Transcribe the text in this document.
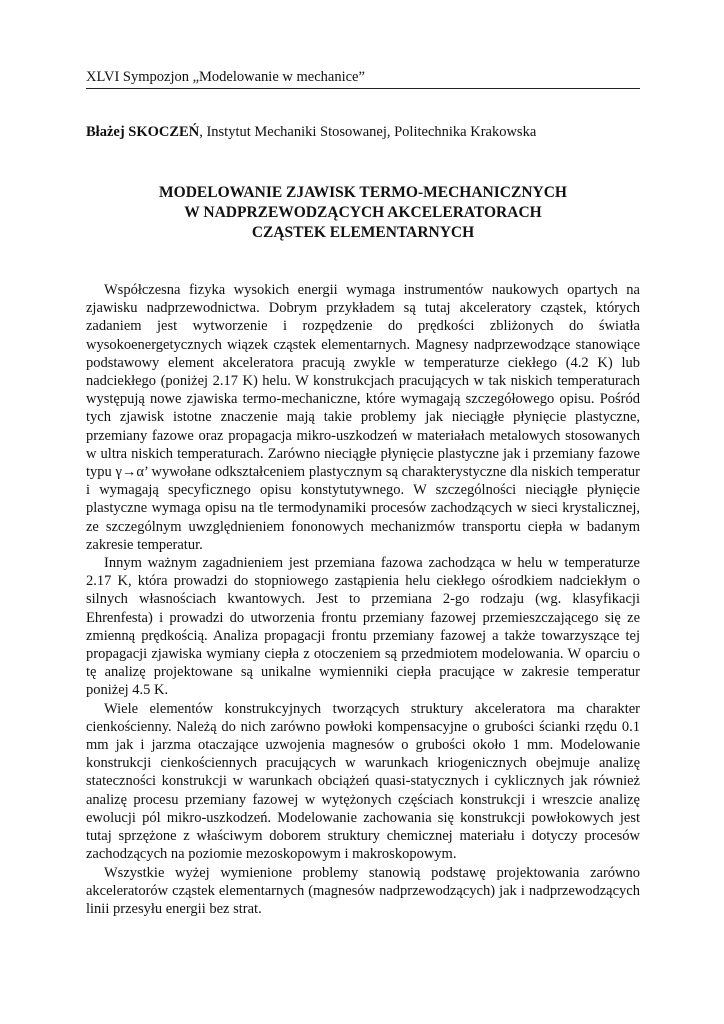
XLVI Sympozjon „Modelowanie w mechanice”
Błażej SKOCZEŃ, Instytut Mechaniki Stosowanej, Politechnika Krakowska
MODELOWANIE ZJAWISK TERMO-MECHANICZNYCH
W NADPRZEWODZĄCYCH AKCELERATORACH
CZĄSTEK ELEMENTARNYCH

Współczesna fizyka wysokich energii wymaga instrumentów naukowych opartych na zjawisku nadprzewodnictwa. Dobrym przykładem są tutaj akceleratory cząstek, których zadaniem jest wytworzenie i rozpędzenie do prędkości zbliżonych do światła wysokoenergetycznych wiązek cząstek elementarnych. Magnesy nadprzewodzące stanowiące podstawowy element akceleratora pracują zwykle w temperaturze ciekłego (4.2 K) lub nadciekłego (poniżej 2.17 K) helu. W konstrukcjach pracujących w tak niskich temperaturach występują nowe zjawiska termo-mechaniczne, które wymagają szczegółowego opisu. Pośród tych zjawisk istotne znaczenie mają takie problemy jak nieciągłe płynięcie plastyczne, przemiany fazowe oraz propagacja mikro-uszkodzeń w materiałach metalowych stosowanych w ultra niskich temperaturach. Zarówno nieciągłe płynięcie plastyczne jak i przemiany fazowe typu γ→α’ wywołane odkształceniem plastycznym są charakterystyczne dla niskich temperatur i wymagają specyficznego opisu konstytutywnego. W szczególności nieciągłe płynięcie plastyczne wymaga opisu na tle termodynamiki procesów zachodzących w sieci krystalicznej, ze szczególnym uwzględnieniem fononowych mechanizmów transportu ciepła w badanym zakresie temperatur.

Innym ważnym zagadnieniem jest przemiana fazowa zachodząca w helu w temperaturze 2.17 K, która prowadzi do stopniowego zastąpienia helu ciekłego ośrodkiem nadciekłym o silnych własnościach kwantowych. Jest to przemiana 2-go rodzaju (wg. klasyfikacji Ehrenfesta) i prowadzi do utworzenia frontu przemiany fazowej przemieszczającego się ze zmienną prędkością. Analiza propagacji frontu przemiany fazowej a także towarzyszące tej propagacji zjawiska wymiany ciepła z otoczeniem są przedmiotem modelowania. W oparciu o tę analizę projektowane są unikalne wymienniki ciepła pracujące w zakresie temperatur poniżej 4.5 K.

Wiele elementów konstrukcyjnych tworzących struktury akceleratora ma charakter cienkościenny. Należą do nich zarówno powłoki kompensacyjne o grubości ścianki rzędu 0.1 mm jak i jarzma otaczające uzwojenia magnesów o grubości około 1 mm. Modelowanie konstrukcji cienkościennych pracujących w warunkach kriogenicznych obejmuje analizę stateczności konstrukcji w warunkach obciążeń quasi-statycznych i cyklicznych jak również analizę procesu przemiany fazowej w wytężonych częściach konstrukcji i wreszcie analizę ewolucji pól mikro-uszkodzeń. Modelowanie zachowania się konstrukcji powłokowych jest tutaj sprzężone z właściwym doborem struktury chemicznej materiału i dotyczy procesów zachodzących na poziomie mezoskopowym i makroskopowym.

Wszystkie wyżej wymienione problemy stanowią podstawę projektowania zarówno akceleratorów cząstek elementarnych (magnesów nadprzewodzących) jak i nadprzewodzących linii przesyłu energii bez strat.
